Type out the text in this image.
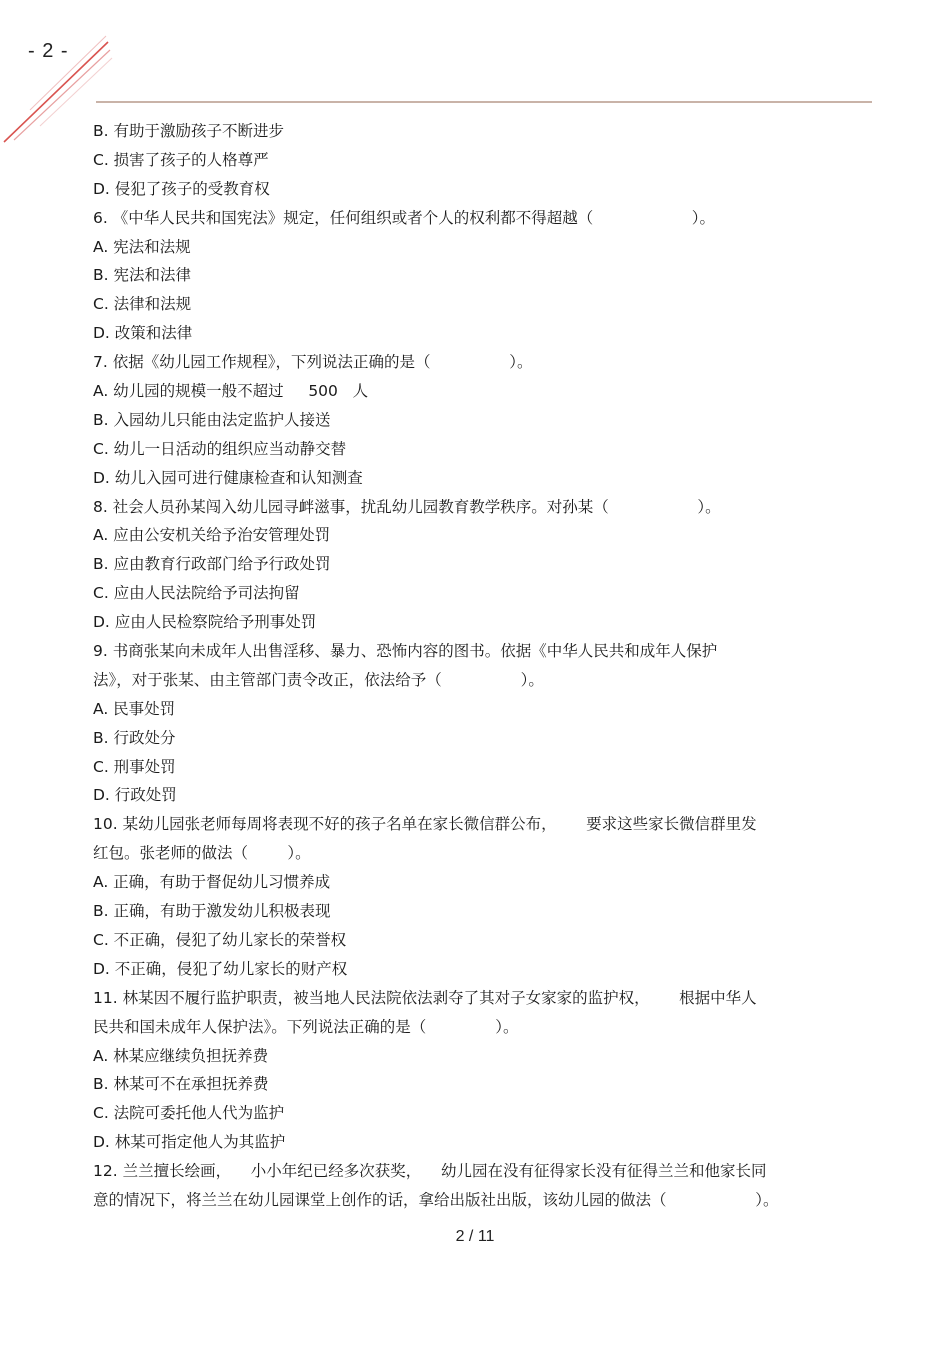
- 2 -
B. 有助于激励孩子不断进步
C. 损害了孩子的人格尊严
D. 侵犯了孩子的受教育权
6. 《中华人民共和国宪法》规定，任何组织或者个人的权利都不得超越（                    ）。
A. 宪法和法规
B. 宪法和法律
C. 法律和法规
D. 改策和法律
7. 依据《幼儿园工作规程》，下列说法正确的是（                ）。
A. 幼儿园的规模一般不超过     500   人
B. 入园幼儿只能由法定监护人接送
C. 幼儿一日活动的组织应当动静交替
D. 幼儿入园可进行健康检查和认知测查
8. 社会人员孙某闯入幼儿园寻衅滋事，扰乱幼儿园教育教学秩序。对孙某（                  ）。
A. 应由公安机关给予治安管理处罚
B. 应由教育行政部门给予行政处罚
C. 应由人民法院给予司法拘留
D. 应由人民检察院给予刑事处罚
9. 书商张某向未成年人出售淫移、暴力、恐怖内容的图书。依据《中华人民共和成年人保护
法》，对于张某、由主管部门责令改正，依法给予（                ）。
A. 民事处罚
B. 行政处分
C. 刑事处罚
D. 行政处罚
10. 某幼儿园张老师每周将表现不好的孩子名单在家长微信群公布，      要求这些家长微信群里发
红包。张老师的做法（        ）。
A. 正确，有助于督促幼儿习惯养成
B. 正确，有助于激发幼儿积极表现
C. 不正确，侵犯了幼儿家长的荣誉权
D. 不正确，侵犯了幼儿家长的财产权
11. 林某因不履行监护职责，被当地人民法院依法剥夺了其对子女家家的监护权，      根据中华人
民共和国未成年人保护法》。下列说法正确的是（              ）。
A. 林某应继续负担抚养费
B. 林某可不在承担抚养费
C. 法院可委托他人代为监护
D. 林某可指定他人为其监护
12. 兰兰擅长绘画，    小小年纪已经多次获奖，    幼儿园在没有征得家长没有征得兰兰和他家长同
意的情况下，将兰兰在幼儿园课堂上创作的话，拿给出版社出版，该幼儿园的做法（                  ）。
2 / 11
